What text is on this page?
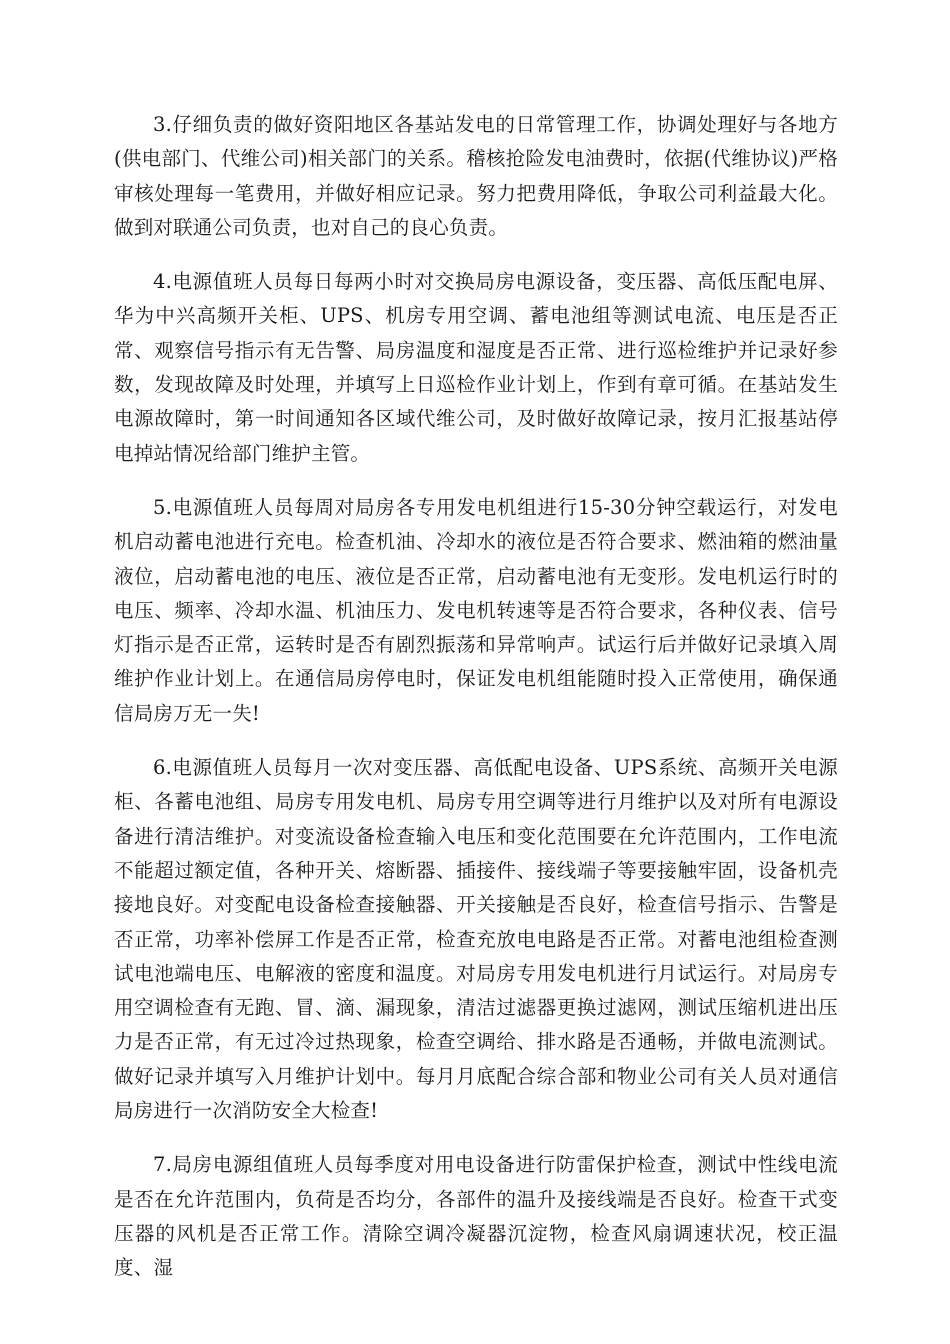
3.仔细负责的做好资阳地区各基站发电的日常管理工作，协调处理好与各地方(供电部门、代维公司)相关部门的关系。稽核抢险发电油费时，依据(代维协议)严格审核处理每一笔费用，并做好相应记录。努力把费用降低，争取公司利益最大化。做到对联通公司负责，也对自己的良心负责。

4.电源值班人员每日每两小时对交换局房电源设备，变压器、高低压配电屏、华为中兴高频开关柜、UPS、机房专用空调、蓄电池组等测试电流、电压是否正常、观察信号指示有无告警、局房温度和湿度是否正常、进行巡检维护并记录好参数，发现故障及时处理，并填写上日巡检作业计划上，作到有章可循。在基站发生电源故障时，第一时间通知各区域代维公司，及时做好故障记录，按月汇报基站停电掉站情况给部门维护主管。

5.电源值班人员每周对局房各专用发电机组进行15-30分钟空载运行，对发电机启动蓄电池进行充电。检查机油、冷却水的液位是否符合要求、燃油箱的燃油量液位，启动蓄电池的电压、液位是否正常，启动蓄电池有无变形。发电机运行时的电压、频率、冷却水温、机油压力、发电机转速等是否符合要求，各种仪表、信号灯指示是否正常，运转时是否有剧烈振荡和异常响声。试运行后并做好记录填入周维护作业计划上。在通信局房停电时，保证发电机组能随时投入正常使用，确保通信局房万无一失!

6.电源值班人员每月一次对变压器、高低配电设备、UPS系统、高频开关电源柜、各蓄电池组、局房专用发电机、局房专用空调等进行月维护以及对所有电源设备进行清洁维护。对变流设备检查输入电压和变化范围要在允许范围内，工作电流不能超过额定值，各种开关、熔断器、插接件、接线端子等要接触牢固，设备机壳接地良好。对变配电设备检查接触器、开关接触是否良好，检查信号指示、告警是否正常，功率补偿屏工作是否正常，检查充放电电路是否正常。对蓄电池组检查测试电池端电压、电解液的密度和温度。对局房专用发电机进行月试运行。对局房专用空调检查有无跑、冒、滴、漏现象，清洁过滤器更换过滤网，测试压缩机进出压力是否正常，有无过冷过热现象，检查空调给、排水路是否通畅，并做电流测试。做好记录并填写入月维护计划中。每月月底配合综合部和物业公司有关人员对通信局房进行一次消防安全大检查!

7.局房电源组值班人员每季度对用电设备进行防雷保护检查，测试中性线电流是否在允许范围内，负荷是否均分，各部件的温升及接线端是否良好。检查干式变压器的风机是否正常工作。清除空调冷凝器沉淀物，检查风扇调速状况，校正温度、湿
